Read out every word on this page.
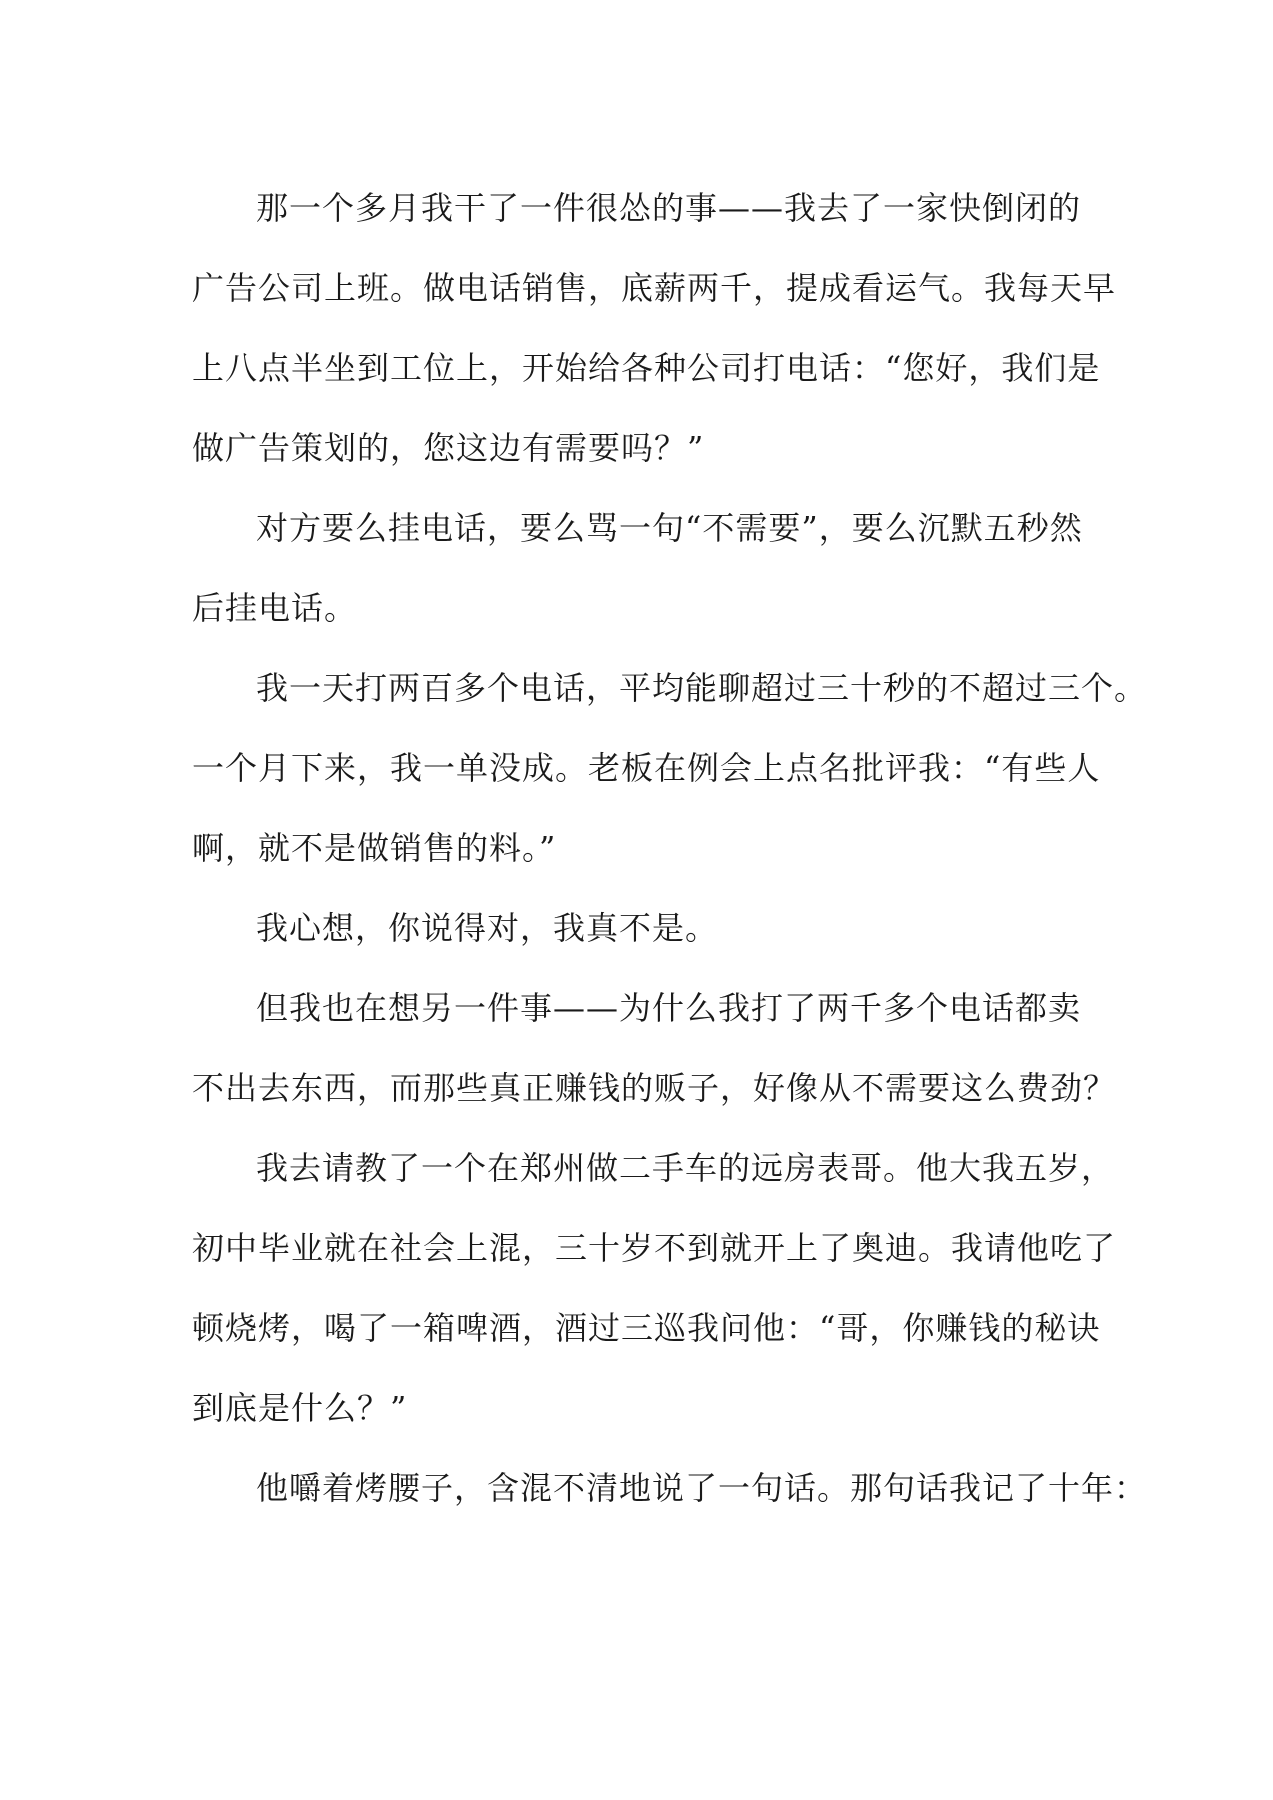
那一个多月我干了一件很怂的事——我去了一家快倒闭的
广告公司上班。做电话销售，底薪两千，提成看运气。我每天早
上八点半坐到工位上，开始给各种公司打电话：“您好，我们是
做广告策划的，您这边有需要吗？”
对方要么挂电话，要么骂一句“不需要”，要么沉默五秒然
后挂电话。
我一天打两百多个电话，平均能聊超过三十秒的不超过三个。
一个月下来，我一单没成。老板在例会上点名批评我：“有些人
啊，就不是做销售的料。”
我心想，你说得对，我真不是。
但我也在想另一件事——为什么我打了两千多个电话都卖
不出去东西，而那些真正赚钱的贩子，好像从不需要这么费劲？
我去请教了一个在郑州做二手车的远房表哥。他大我五岁，
初中毕业就在社会上混，三十岁不到就开上了奥迪。我请他吃了
顿烧烤，喝了一箱啤酒，酒过三巡我问他：“哥，你赚钱的秘诀
到底是什么？”
他嚼着烤腰子，含混不清地说了一句话。那句话我记了十年：
